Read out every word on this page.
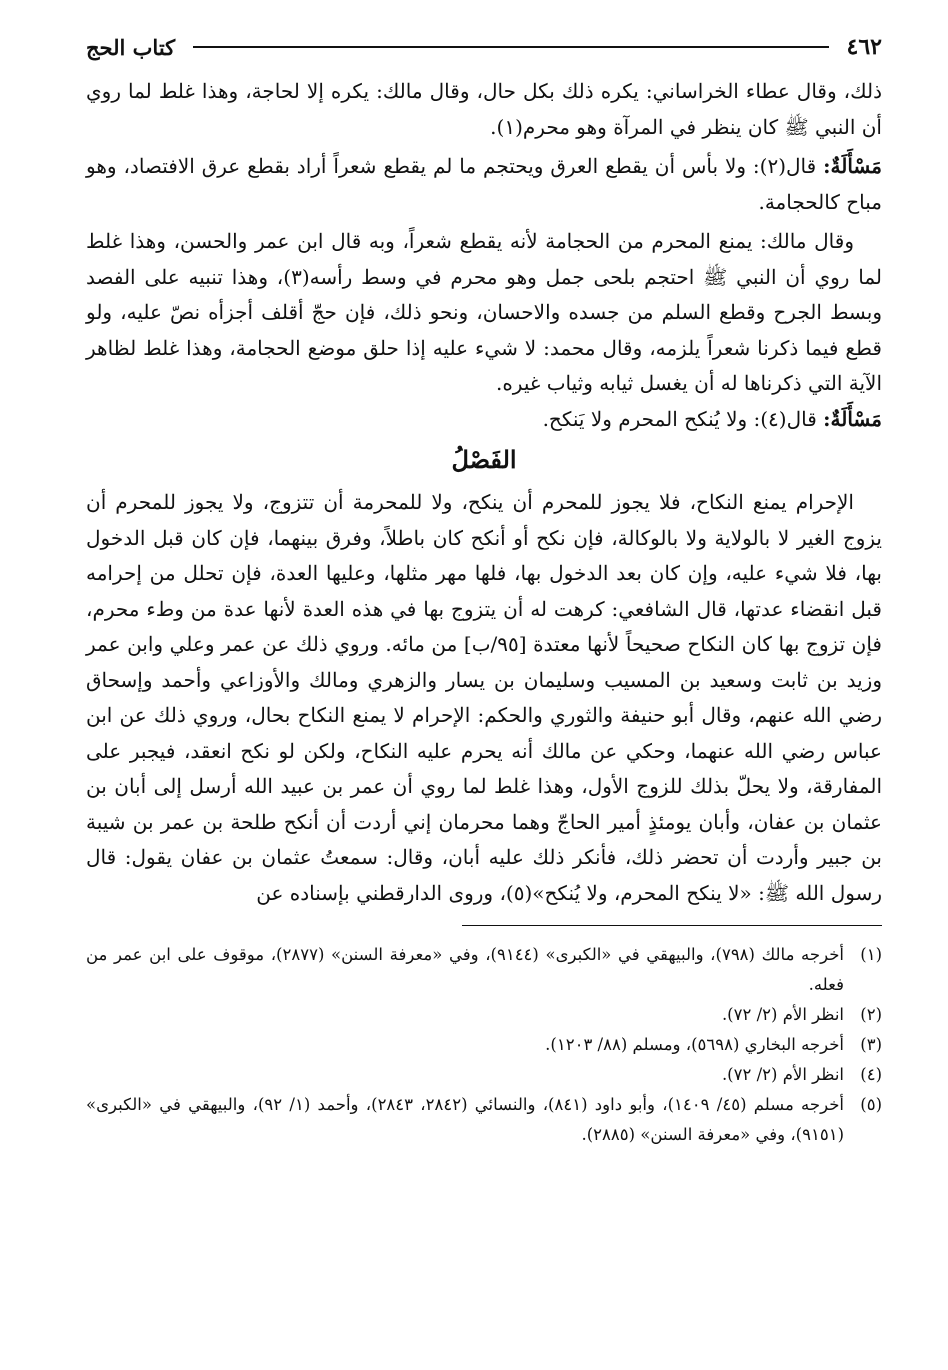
٤٦٢
كتاب الحج

ذلك، وقال عطاء الخراساني: يكره ذلك بكل حال، وقال مالك: يكره إلا لحاجة، وهذا غلط لما روي أن النبي ﷺ كان ينظر في المرآة وهو محرم(١).

مَسْأَلَةٌ: قال(٢): ولا بأس أن يقطع العرق ويحتجم ما لم يقطع شعراً أراد بقطع عرق الافتصاد، وهو مباح كالحجامة.

وقال مالك: يمنع المحرم من الحجامة لأنه يقطع شعراً، وبه قال ابن عمر والحسن، وهذا غلط لما روي أن النبي ﷺ احتجم بلحى جمل وهو محرم في وسط رأسه(٣)، وهذا تنبيه على الفصد وبسط الجرح وقطع السلم من جسده والاحسان، ونحو ذلك، فإن حجّ أقلف أجزأه نصّ عليه، ولو قطع فيما ذكرنا شعراً يلزمه، وقال محمد: لا شيء عليه إذا حلق موضع الحجامة، وهذا غلط لظاهر الآية التي ذكرناها له أن يغسل ثيابه وثياب غيره.

مَسْأَلَةٌ: قال(٤): ولا يُنكح المحرم ولا يَنكح.

الفَصْلُ

الإحرام يمنع النكاح، فلا يجوز للمحرم أن ينكح، ولا للمحرمة أن تتزوج، ولا يجوز للمحرم أن يزوج الغير لا بالولاية ولا بالوكالة، فإن نكح أو أنكح كان باطلاً، وفرق بينهما، فإن كان قبل الدخول بها، فلا شيء عليه، وإن كان بعد الدخول بها، فلها مهر مثلها، وعليها العدة، فإن تحلل من إحرامه قبل انقضاء عدتها، قال الشافعي: كرهت له أن يتزوج بها في هذه العدة لأنها عدة من وطء محرم، فإن تزوج بها كان النكاح صحيحاً لأنها معتدة [٩٥/ب] من مائه. وروي ذلك عن عمر وعلي وابن عمر وزيد بن ثابت وسعيد بن المسيب وسليمان بن يسار والزهري ومالك والأوزاعي وأحمد وإسحاق رضي الله عنهم، وقال أبو حنيفة والثوري والحكم: الإحرام لا يمنع النكاح بحال، وروي ذلك عن ابن عباس رضي الله عنهما، وحكي عن مالك أنه يحرم عليه النكاح، ولكن لو نكح انعقد، فيجبر على المفارقة، ولا يحلّ بذلك للزوج الأول، وهذا غلط لما روي أن عمر بن عبيد الله أرسل إلى أبان بن عثمان بن عفان، وأبان يومئذٍ أمير الحاجّ وهما محرمان إني أردت أن أنكح طلحة بن عمر بن شيبة بن جبير وأردت أن تحضر ذلك، فأنكر ذلك عليه أبان، وقال: سمعتُ عثمان بن عفان يقول: قال رسول الله ﷺ: «لا ينكح المحرم، ولا يُنكح»(٥)، وروى الدارقطني بإسناده عن

(١)
أخرجه مالك (٧٩٨)، والبيهقي في «الكبرى» (٩١٤٤)، وفي «معرفة السنن» (٢٨٧٧)، موقوف على ابن عمر من فعله.
(٢)
انظر الأم (٢/ ٧٢).
(٣)
أخرجه البخاري (٥٦٩٨)، ومسلم (٨٨/ ١٢٠٣).
(٤)
انظر الأم (٢/ ٧٢).
(٥)
أخرجه مسلم (٤٥/ ١٤٠٩)، وأبو داود (٨٤١)، والنسائي (٢٨٤٢، ٢٨٤٣)، وأحمد (١/ ٩٢)، والبيهقي في «الكبرى» (٩١٥١)، وفي «معرفة السنن» (٢٨٨٥).
